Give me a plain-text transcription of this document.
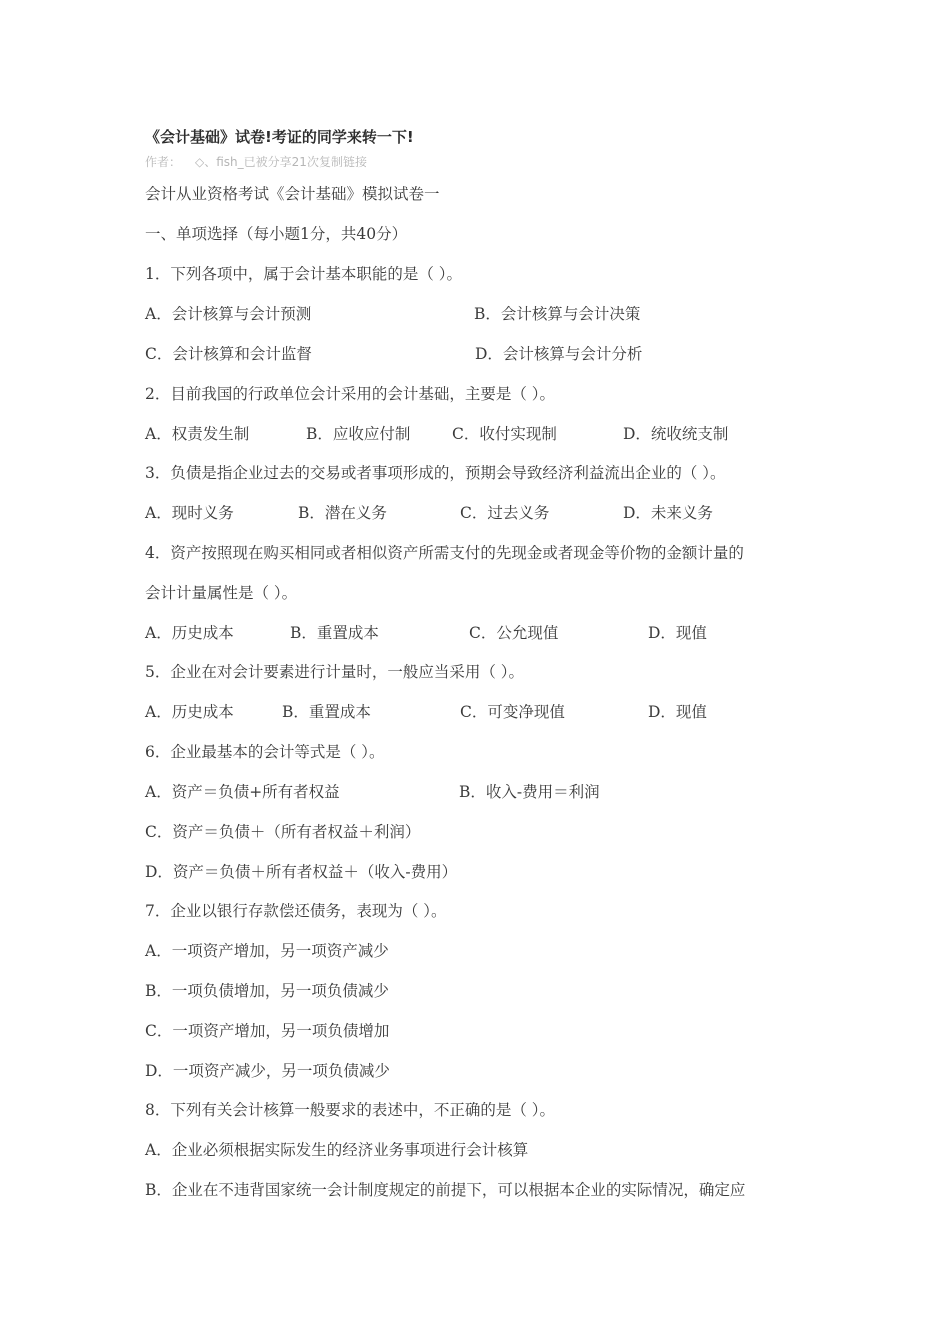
《会计基础》试卷!考证的同学来转一下!
作者： ◇、fish_已被分享21次复制链接
会计从业资格考试《会计基础》模拟试卷一
一、单项选择（每小题1分，共40分）
1．下列各项中，属于会计基本职能的是（ ）。
A．会计核算与会计预测	B．会计核算与会计决策
C．会计核算和会计监督	D．会计核算与会计分析
2．目前我国的行政单位会计采用的会计基础，主要是（ ）。
A．权责发生制	B．应收应付制	C．收付实现制	D．统收统支制
3．负债是指企业过去的交易或者事项形成的，预期会导致经济利益流出企业的（ ）。
A．现时义务	B．潜在义务	C．过去义务	D．未来义务
4．资产按照现在购买相同或者相似资产所需支付的先现金或者现金等价物的金额计量的
会计计量属性是（ ）。
A．历史成本	B．重置成本	C．公允现值	D．现值
5．企业在对会计要素进行计量时，一般应当采用（ ）。
A．历史成本	B．重置成本	C．可变净现值	D．现值
6．企业最基本的会计等式是（ ）。
A．资产＝负债+所有者权益	B．收入-费用＝利润
C．资产＝负债＋（所有者权益＋利润）
D．资产＝负债＋所有者权益＋（收入-费用）
7．企业以银行存款偿还债务，表现为（ ）。
A．一项资产增加，另一项资产减少
B．一项负债增加，另一项负债减少
C．一项资产增加，另一项负债增加
D．一项资产减少，另一项负债减少
8．下列有关会计核算一般要求的表述中，不正确的是（ ）。
A．企业必须根据实际发生的经济业务事项进行会计核算
B．企业在不违背国家统一会计制度规定的前提下，可以根据本企业的实际情况，确定应
